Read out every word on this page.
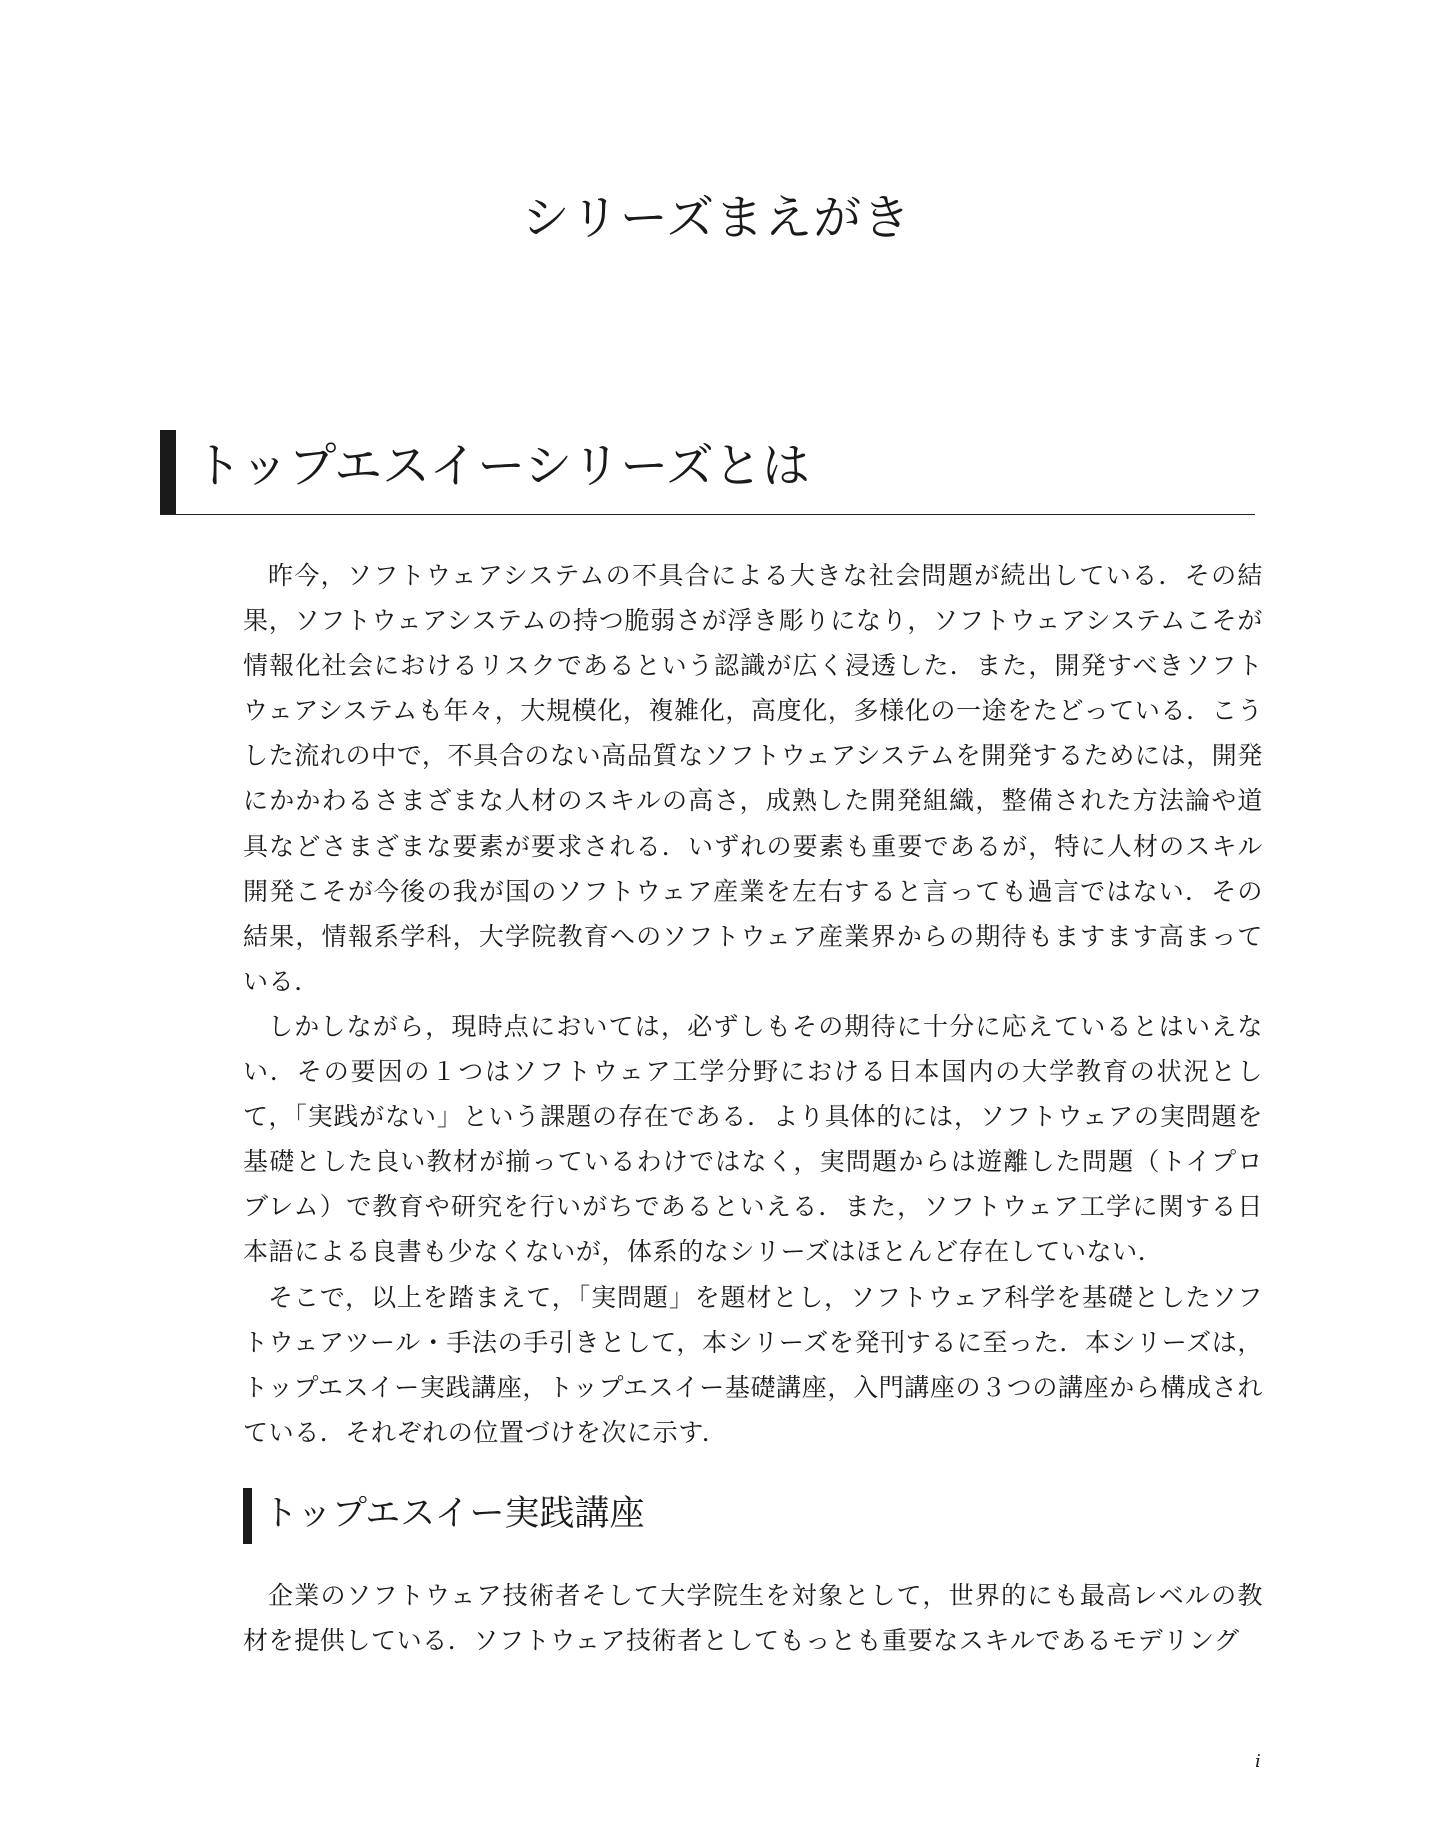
シリーズまえがき
トップエスイーシリーズとは

昨今，ソフトウェアシステムの不具合による大きな社会問題が続出している．その結果，ソフトウェアシステムの持つ脆弱さが浮き彫りになり，ソフトウェアシステムこそが情報化社会におけるリスクであるという認識が広く浸透した．また，開発すべきソフトウェアシステムも年々，大規模化，複雑化，高度化，多様化の一途をたどっている．こうした流れの中で，不具合のない高品質なソフトウェアシステムを開発するためには，開発にかかわるさまざまな人材のスキルの高さ，成熟した開発組織，整備された方法論や道具などさまざまな要素が要求される．いずれの要素も重要であるが，特に人材のスキル開発こそが今後の我が国のソフトウェア産業を左右すると言っても過言ではない．その結果，情報系学科，大学院教育へのソフトウェア産業界からの期待もますます高まっている．

しかしながら，現時点においては，必ずしもその期待に十分に応えているとはいえない．その要因の１つはソフトウェア工学分野における日本国内の大学教育の状況として，「実践がない」という課題の存在である．より具体的には，ソフトウェアの実問題を基礎とした良い教材が揃っているわけではなく，実問題からは遊離した問題（トイプロブレム）で教育や研究を行いがちであるといえる．また，ソフトウェア工学に関する日本語による良書も少なくないが，体系的なシリーズはほとんど存在していない．

そこで，以上を踏まえて，「実問題」を題材とし，ソフトウェア科学を基礎としたソフトウェアツール・手法の手引きとして，本シリーズを発刊するに至った．本シリーズは，トップエスイー実践講座，トップエスイー基礎講座，入門講座の３つの講座から構成されている．それぞれの位置づけを次に示す．

トップエスイー実践講座

企業のソフトウェア技術者そして大学院生を対象として，世界的にも最高レベルの教材を提供している．ソフトウェア技術者としてもっとも重要なスキルであるモデリング

i
